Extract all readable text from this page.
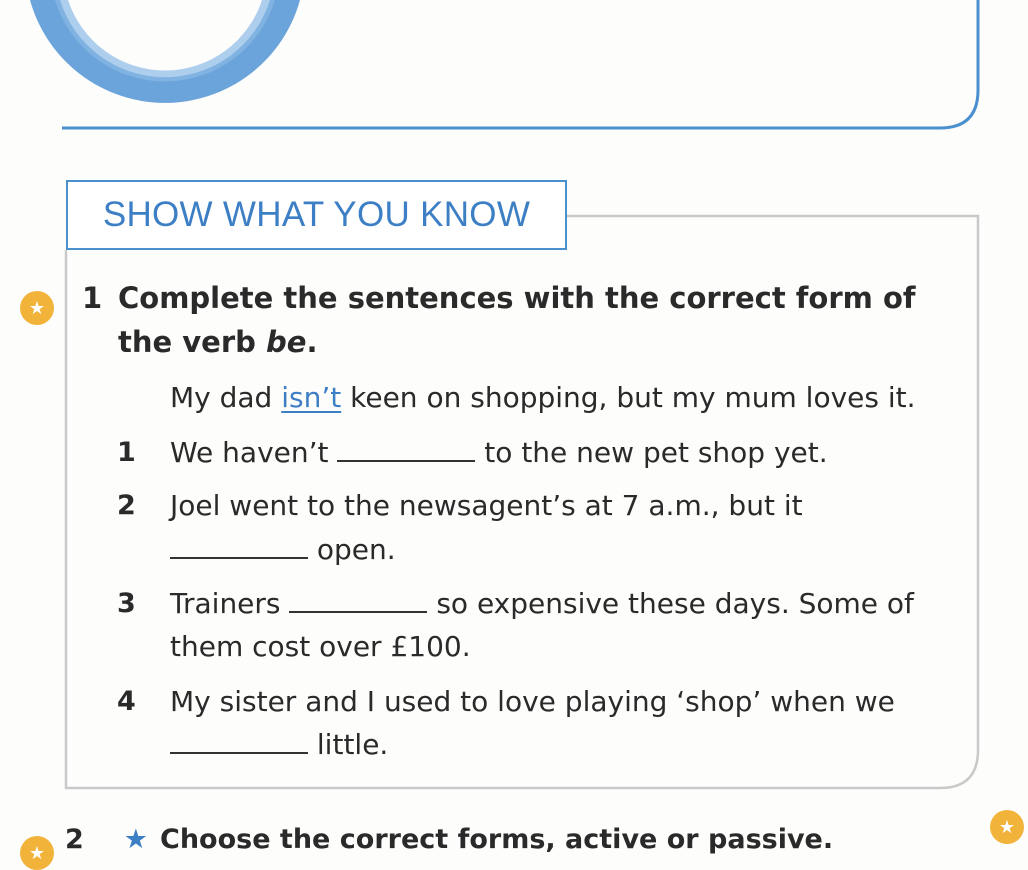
SHOW WHAT YOU KNOW
★	1 Complete the sentences with the correct form of the verb be.
My dad isn’t keen on shopping, but my mum loves it.
1 We haven’t	to the new pet shop yet.
2 Joel went to the newsagent’s at 7 a.m., but it
open.
3 Trainers	so expensive these days. Some of
them cost over £100.
4 My sister and I used to love playing ‘shop’ when we
little.
★ 2 ★ Choose the correct forms, active or passive.	★
